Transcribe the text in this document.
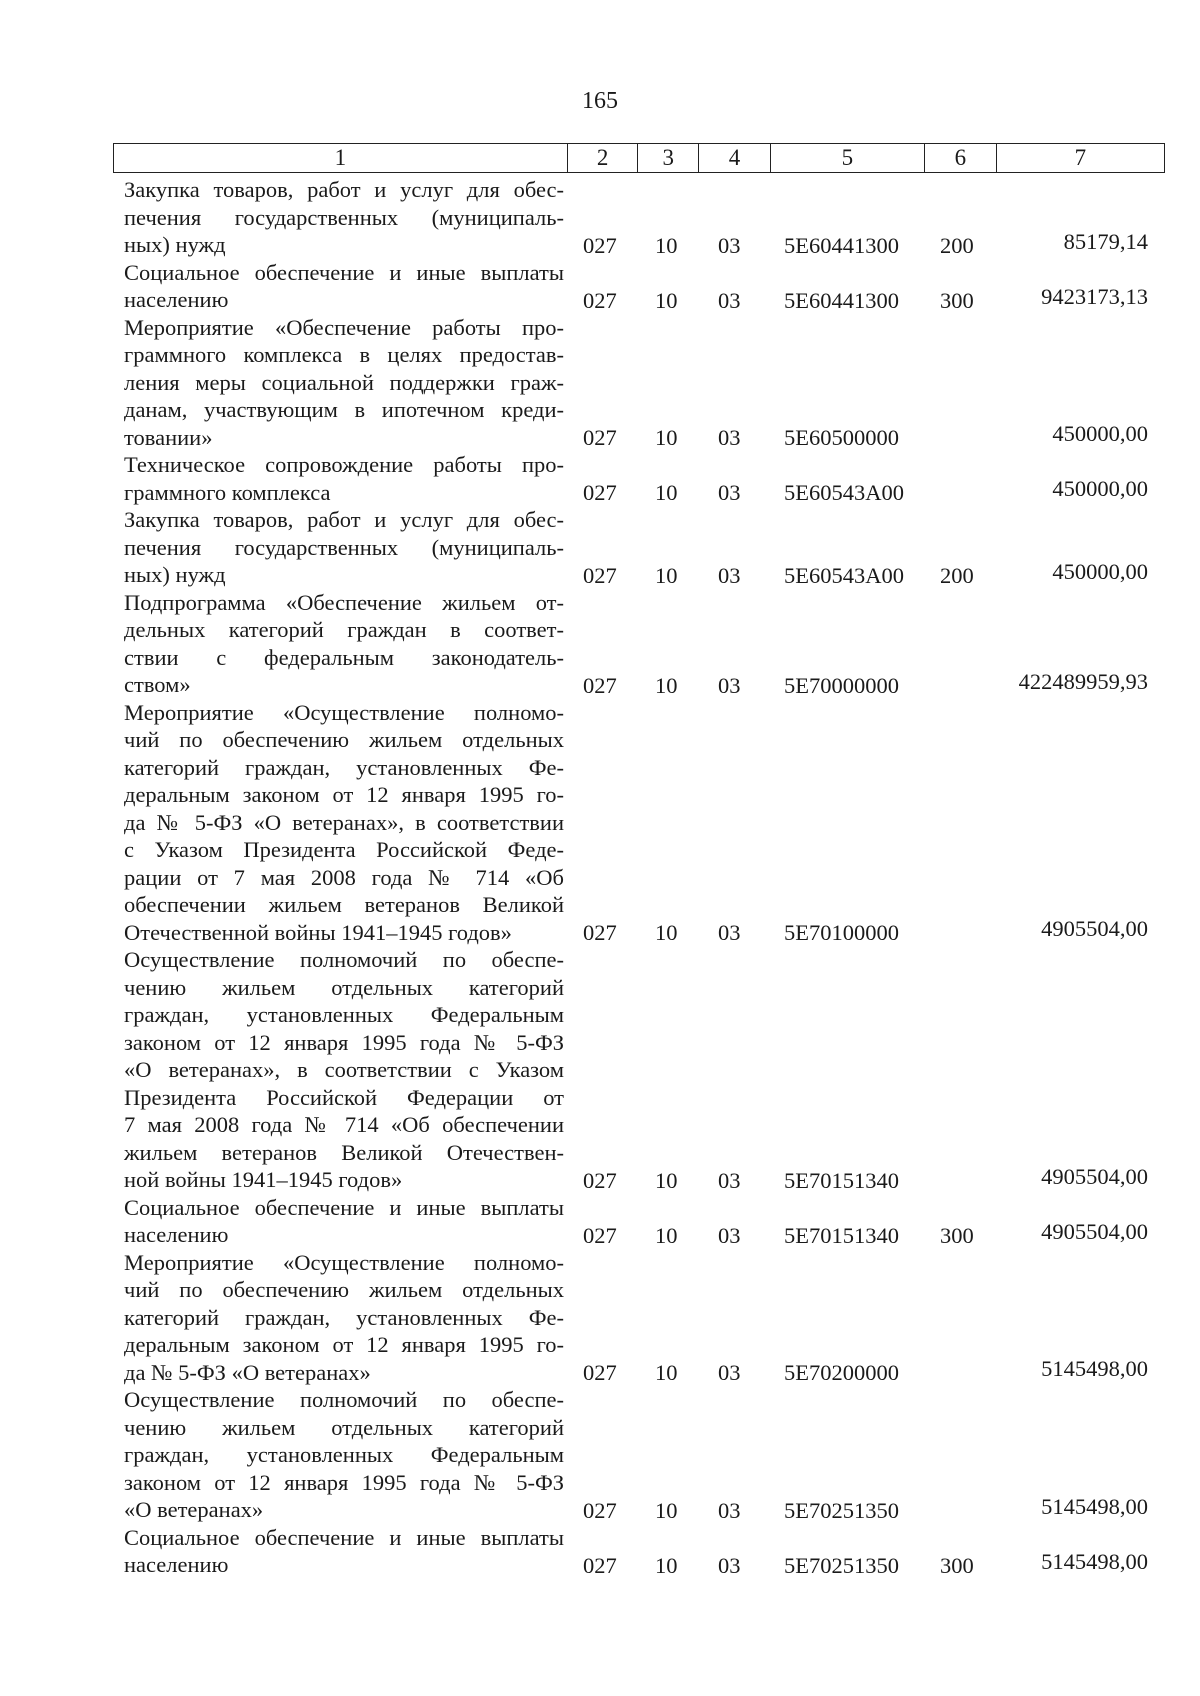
165
1	2	3	4	5	6	7
Закупка товаров, работ и услуг для обес-
печения государственных (муниципаль-
ных) нужд	027 10 03 5Е60441300 200	85179,14
Социальное обеспечение и иные выплаты
населению	027 10 03 5Е60441300 300	9423173,13
Мероприятие «Обеспечение работы про-
граммного комплекса в целях предостав-
ления меры социальной поддержки граж-
данам, участвующим в ипотечном креди-
товании»	027 10 03 5Е60500000	450000,00
Техническое сопровождение работы про-
граммного комплекса	027 10 03 5Е60543А00	450000,00
Закупка товаров, работ и услуг для обес-
печения государственных (муниципаль-
ных) нужд	027 10 03 5Е60543А00 200	450000,00
Подпрограмма «Обеспечение жильем от-
дельных категорий граждан в соответ-
ствии с федеральным законодатель-
ством»	027 10 03 5Е70000000	422489959,93
Мероприятие «Осуществление полномо-
чий по обеспечению жильем отдельных
категорий граждан, установленных Фе-
деральным законом от 12 января 1995 го-
да № 5-ФЗ «О ветеранах», в соответствии
с Указом Президента Российской Феде-
рации от 7 мая 2008 года № 714 «Об
обеспечении жильем ветеранов Великой
Отечественной войны 1941–1945 годов»	027 10 03 5Е70100000	4905504,00
Осуществление полномочий по обеспе-
чению жильем отдельных категорий
граждан, установленных Федеральным
законом от 12 января 1995 года № 5-ФЗ
«О ветеранах», в соответствии с Указом
Президента Российской Федерации от
7 мая 2008 года № 714 «Об обеспечении
жильем ветеранов Великой Отечествен-
ной войны 1941–1945 годов»	027 10 03 5Е70151340	4905504,00
Социальное обеспечение и иные выплаты
населению	027 10 03 5Е70151340 300	4905504,00
Мероприятие «Осуществление полномо-
чий по обеспечению жильем отдельных
категорий граждан, установленных Фе-
деральным законом от 12 января 1995 го-
да № 5-ФЗ «О ветеранах»	027 10 03 5Е70200000	5145498,00
Осуществление полномочий по обеспе-
чению жильем отдельных категорий
граждан, установленных Федеральным
законом от 12 января 1995 года № 5-ФЗ
«О ветеранах»	027 10 03 5Е70251350	5145498,00
Социальное обеспечение и иные выплаты
населению	027 10 03 5Е70251350 300	5145498,00
